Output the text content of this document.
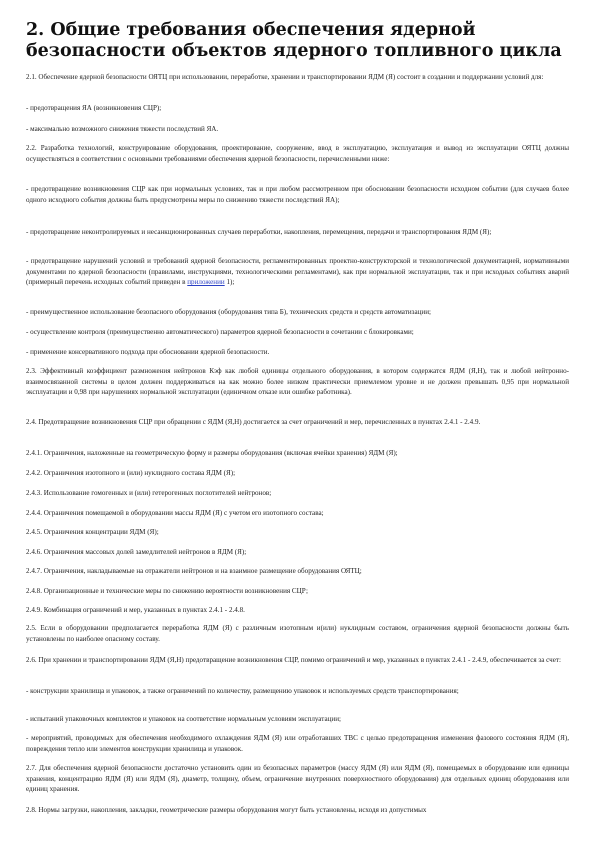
2. Общие требования обеспечения ядерной безопасности объектов ядерного топливного цикла

2.1. Обеспечение ядерной безопасности ОЯТЦ при использовании, переработке, хранении и транспортировании ЯДМ (Я) состоит в создании и поддержании условий для:

- предотвращения ЯА (возникновения СЦР);

- максимально возможного снижения тяжести последствий ЯА.

2.2. Разработка технологий, конструирование оборудования, проектирование, сооружение, ввод в эксплуатацию, эксплуатация и вывод из эксплуатации ОЯТЦ должны осуществляться в соответствии с основными требованиями обеспечения ядерной безопасности, перечисленными ниже:

- предотвращение возникновения СЦР как при нормальных условиях, так и при любом рассмотренном при обосновании безопасности исходном событии (для случаев более одного исходного события должны быть предусмотрены меры по снижению тяжести последствий ЯА);

- предотвращение неконтролируемых и несанкционированных случаев переработки, накопления, перемещения, передачи и транспортирования ЯДМ (Я);

- предотвращение нарушений условий и требований ядерной безопасности, регламентированных проектно-конструкторской и технологической документацией, нормативными документами по ядерной безопасности (правилами, инструкциями, технологическими регламентами), как при нормальной эксплуатации, так и при исходных событиях аварий (примерный перечень исходных событий приведен в приложении 1);

- преимущественное использование безопасного оборудования (оборудования типа Б), технических средств и средств автоматизации;

- осуществление контроля (преимущественно автоматического) параметров ядерной безопасности в сочетании с блокировками;

- применение консервативного подхода при обосновании ядерной безопасности.

2.3. Эффективный коэффициент размножения нейтронов Кэф как любой единицы отдельного оборудования, в котором содержатся ЯДМ (Я,Н), так и любой нейтронно-взаимосвязанной системы в целом должен поддерживаться на как можно более низком практически приемлемом уровне и не должен превышать 0,95 при нормальной эксплуатации и 0,98 при нарушениях нормальной эксплуатации (единичном отказе или ошибке работника).

2.4. Предотвращение возникновения СЦР при обращении с ЯДМ (Я,Н) достигается за счет ограничений и мер, перечисленных в пунктах 2.4.1 - 2.4.9.

2.4.1. Ограничения, наложенные на геометрическую форму и размеры оборудования (включая ячейки хранения) ЯДМ (Я);

2.4.2. Ограничения изотопного и (или) нуклидного состава ЯДМ (Я);

2.4.3. Использование гомогенных и (или) гетерогенных поглотителей нейтронов;

2.4.4. Ограничения помещаемой в оборудовании массы ЯДМ (Я) с учетом его изотопного состава;

2.4.5. Ограничения концентрации ЯДМ (Я);

2.4.6. Ограничения массовых долей замедлителей нейтронов в ЯДМ (Я);

2.4.7. Ограничения, накладываемые на отражатели нейтронов и на взаимное размещение оборудования ОЯТЦ;

2.4.8. Организационные и технические меры по снижению вероятности возникновения СЦР;

2.4.9. Комбинация ограничений и мер, указанных в пунктах 2.4.1 - 2.4.8.

2.5. Если в оборудовании предполагается переработка ЯДМ (Я) с различным изотопным и(или) нуклидным составом, ограничения ядерной безопасности должны быть установлены по наиболее опасному составу.

2.6. При хранении и транспортировании ЯДМ (Я,Н) предотвращение возникновения СЦР, помимо ограничений и мер, указанных в пунктах 2.4.1 - 2.4.9, обеспечивается за счет:

- конструкции хранилища и упаковок, а также ограничений по количеству, размещению упаковок и используемых средств транспортирования;

- испытаний упаковочных комплектов и упаковок на соответствие нормальным условиям эксплуатации;

- мероприятий, проводимых для обеспечения необходимого охлаждения ЯДМ (Я) или отработавших ТВС с целью предотвращения изменения фазового состояния ЯДМ (Я), повреждения тепло или элементов конструкции хранилища и упаковок.

2.7. Для обеспечения ядерной безопасности достаточно установить один из безопасных параметров (массу ЯДМ (Я) или ЯДМ (Я), помещаемых в оборудование или единицы хранения, концентрацию ЯДМ (Я) или ЯДМ (Я), диаметр, толщину, объем, ограничение внутренних поверхностного оборудования) для отдельных единиц оборудования или единиц хранения.

2.8. Нормы загрузки, накопления, закладки, геометрические размеры оборудования могут быть установлены, исходя из допустимых
